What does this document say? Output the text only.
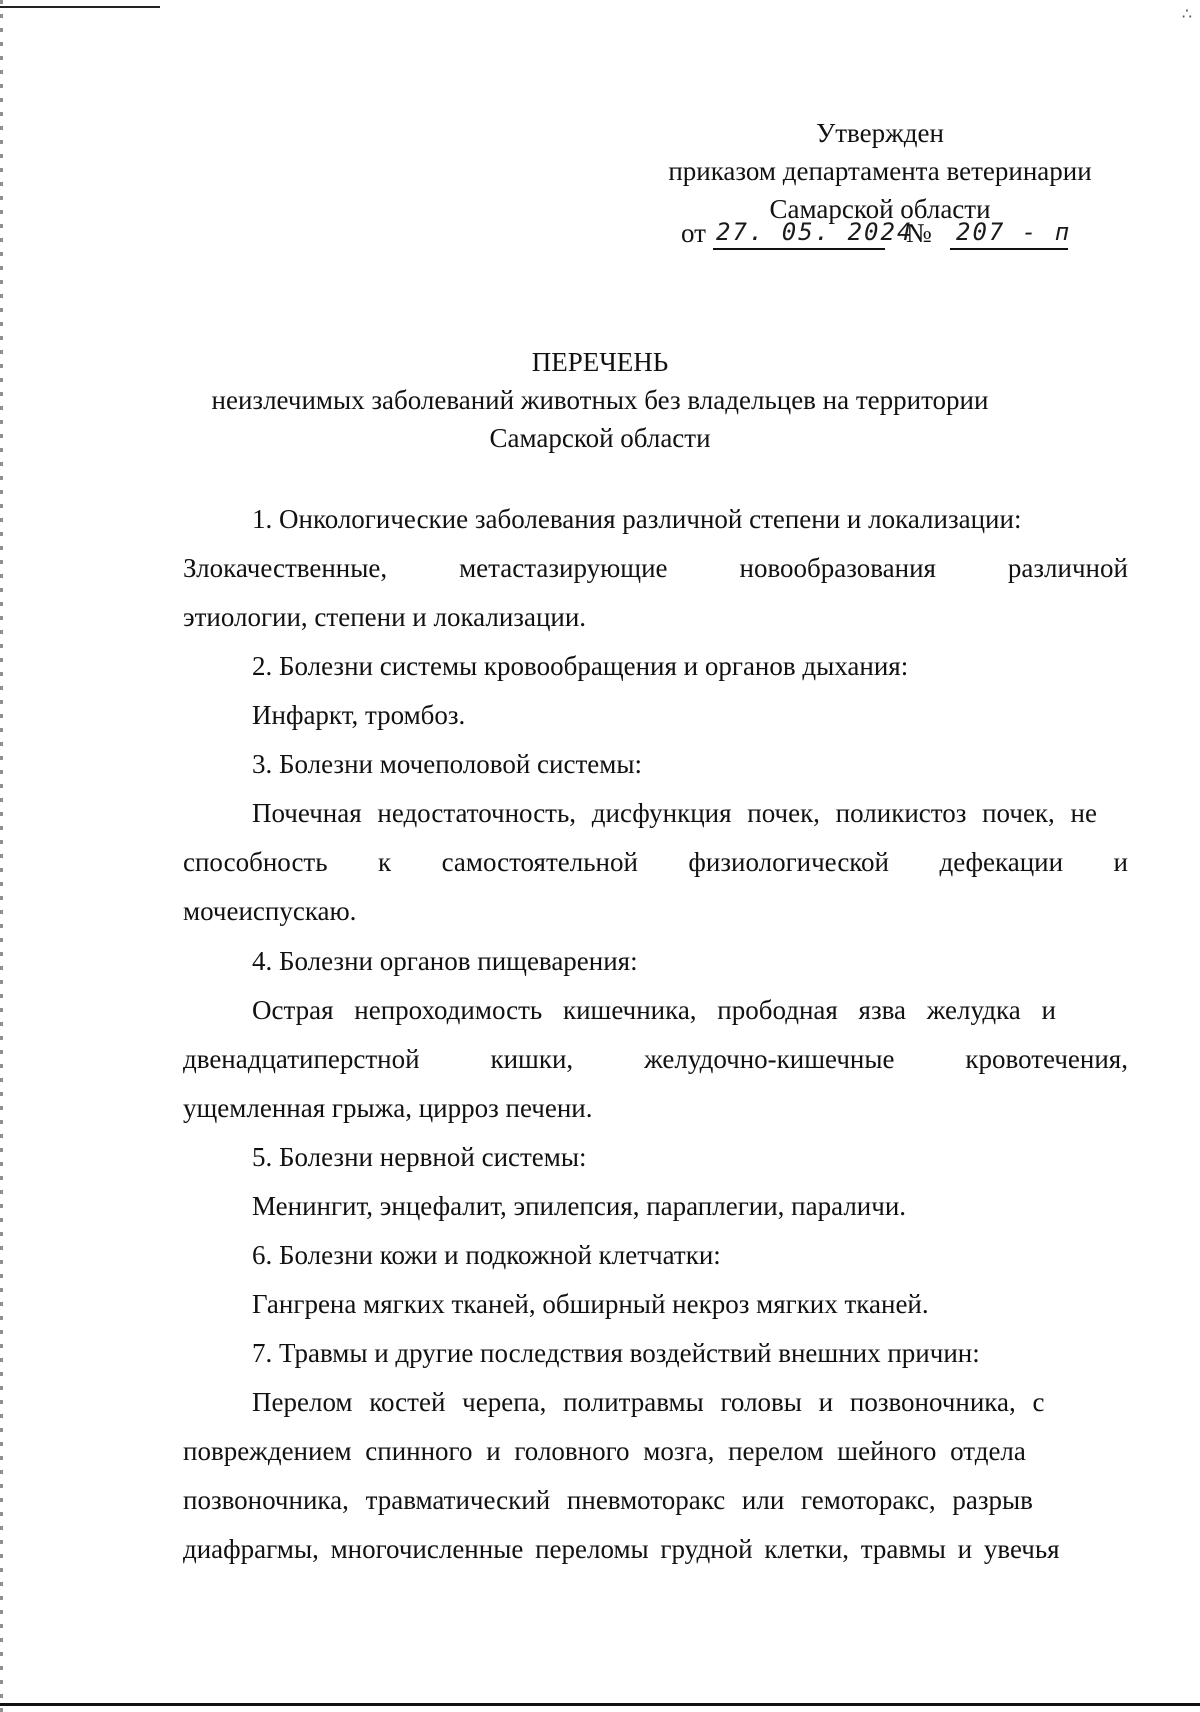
∴
Утвержден
приказом департамента ветеринарии
Самарской области
от 27. 05. 2024
№ 207 - п
ПЕРЕЧЕНЬ
неизлечимых заболеваний животных без владельцев на территории
Самарской области
1. Онкологические заболевания различной степени и локализации:
Злокачественные,	метастазирующие	новообразования	различной
этиологии, степени и локализации.
2. Болезни системы кровообращения и органов дыхания:
Инфаркт, тромбоз.
3. Болезни мочеполовой системы:
Почечная недостаточность, дисфункция почек, поликистоз почек, не
способность к самостоятельной физиологической дефекации и
мочеиспускаю.
4. Болезни органов пищеварения:
Острая непроходимость кишечника, прободная язва желудка и
двенадцатиперстной	кишки,	желудочно-кишечные	кровотечения,
ущемленная грыжа, цирроз печени.
5. Болезни нервной системы:
Менингит, энцефалит, эпилепсия, параплегии, параличи.
6. Болезни кожи и подкожной клетчатки:
Гангрена мягких тканей, обширный некроз мягких тканей.
7. Травмы и другие последствия воздействий внешних причин:
Перелом костей черепа, политравмы головы и позвоночника, с
повреждением спинного и головного мозга, перелом шейного отдела
позвоночника, травматический пневмоторакс или гемоторакс, разрыв
диафрагмы, многочисленные переломы грудной клетки, травмы и увечья
